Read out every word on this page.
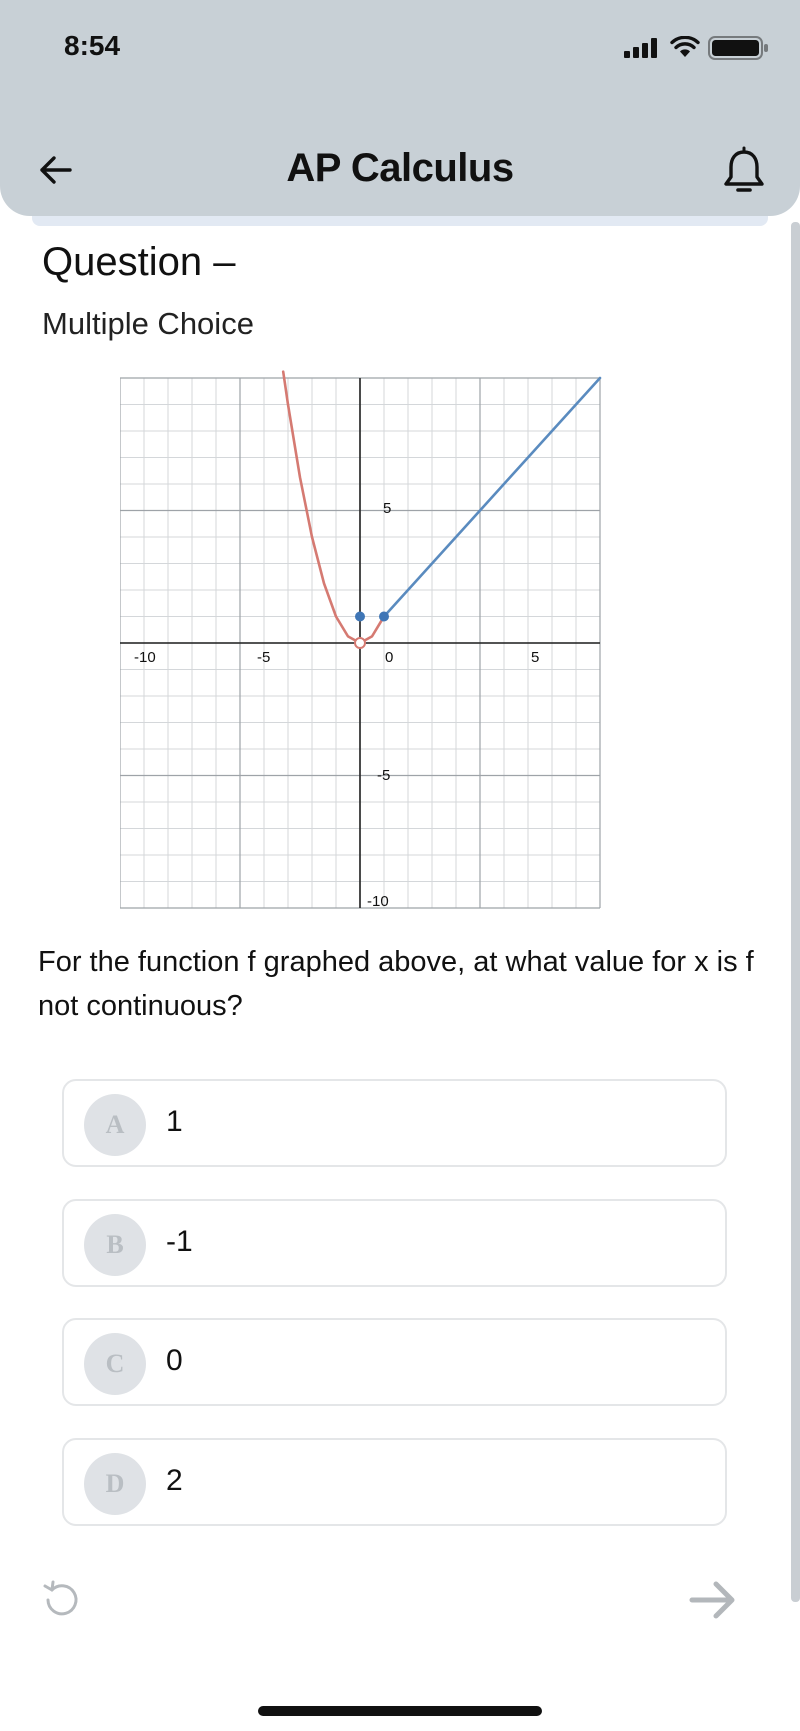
8:54
AP Calculus
Question –
Multiple Choice
-10	-5	0	5
5
-5
-10
For the function f graphed above, at what value for x is f not continuous?
A	1
B	-1
C	0
D	2
